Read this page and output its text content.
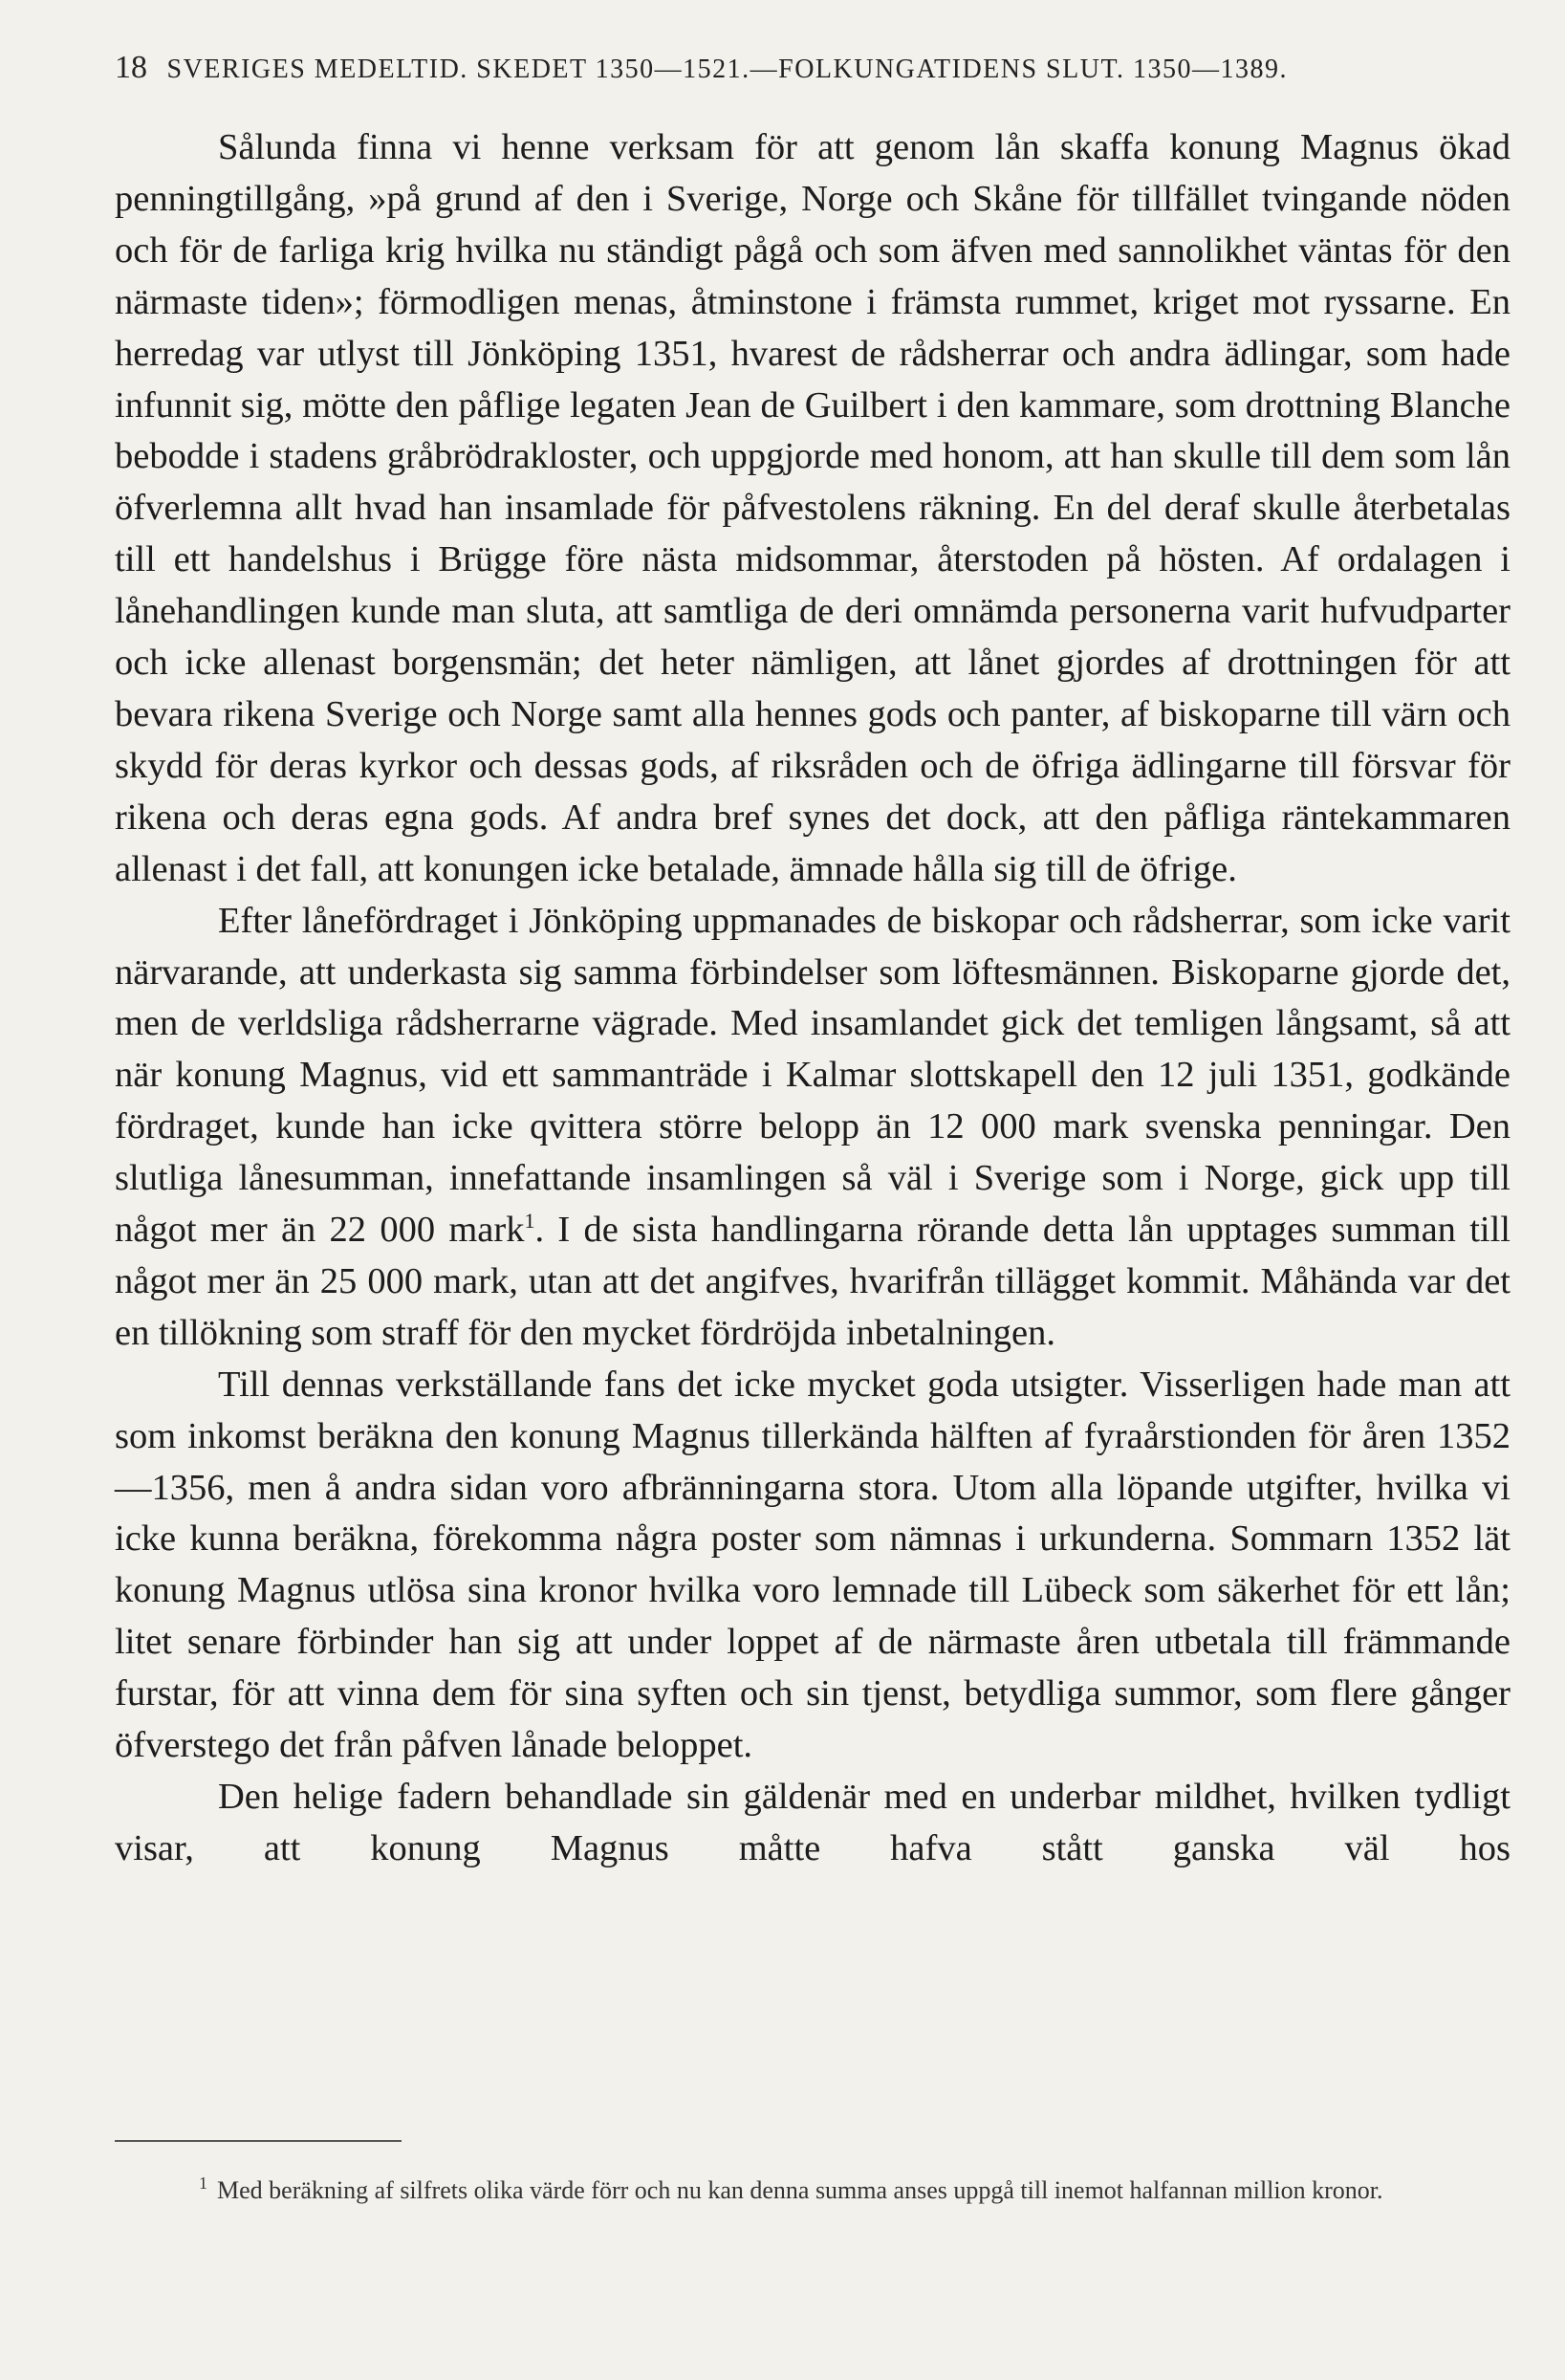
18 SVERIGES MEDELTID. SKEDET 1350—1521.—FOLKUNGATIDENS SLUT. 1350—1389.

Sålunda finna vi henne verksam för att genom lån skaffa konung Magnus ökad penningtillgång, »på grund af den i Sverige, Norge och Skåne för tillfället tvingande nöden och för de farliga krig hvilka nu ständigt pågå och som äfven med sannolikhet väntas för den närmaste tiden»; förmodligen menas, åtminstone i främsta rummet, kriget mot ryssarne. En herredag var utlyst till Jönköping 1351, hvarest de rådsherrar och andra ädlingar, som hade infunnit sig, mötte den påflige legaten Jean de Guilbert i den kammare, som drottning Blanche bebodde i stadens gråbrödrakloster, och uppgjorde med honom, att han skulle till dem som lån öfverlemna allt hvad han insamlade för påfvestolens räkning. En del deraf skulle återbetalas till ett handelshus i Brügge före nästa midsommar, återstoden på hösten. Af ordalagen i lånehandlingen kunde man sluta, att samtliga de deri omnämda personerna varit hufvudparter och icke allenast borgensmän; det heter nämligen, att lånet gjordes af drottningen för att bevara rikena Sverige och Norge samt alla hennes gods och panter, af biskoparne till värn och skydd för deras kyrkor och dessas gods, af riksråden och de öfriga ädlingarne till försvar för rikena och deras egna gods. Af andra bref synes det dock, att den påfliga räntekammaren allenast i det fall, att konungen icke betalade, ämnade hålla sig till de öfrige.

Efter lånefördraget i Jönköping uppmanades de biskopar och rådsherrar, som icke varit närvarande, att underkasta sig samma förbindelser som löftesmännen. Biskoparne gjorde det, men de verldsliga rådsherrarne vägrade. Med insamlandet gick det temligen långsamt, så att när konung Magnus, vid ett sammanträde i Kalmar slottskapell den 12 juli 1351, godkände fördraget, kunde han icke qvittera större belopp än 12 000 mark svenska penningar. Den slutliga lånesumman, innefattande insamlingen så väl i Sverige som i Norge, gick upp till något mer än 22 000 mark$^1$. I de sista handlingarna rörande detta lån upptages summan till något mer än 25 000 mark, utan att det angifves, hvarifrån tillägget kommit. Måhända var det en tillökning som straff för den mycket fördröjda inbetalningen.

Till dennas verkställande fans det icke mycket goda utsigter. Visserligen hade man att som inkomst beräkna den konung Magnus tillerkända hälften af fyraårstionden för åren 1352—1356, men å andra sidan voro afbränningarna stora. Utom alla löpande utgifter, hvilka vi icke kunna beräkna, förekomma några poster som nämnas i urkunderna. Sommarn 1352 lät konung Magnus utlösa sina kronor hvilka voro lemnade till Lübeck som säkerhet för ett lån; litet senare förbinder han sig att under loppet af de närmaste åren utbetala till främmande furstar, för att vinna dem för sina syften och sin tjenst, betydliga summor, som flere gånger öfverstego det från påfven lånade beloppet.

Den helige fadern behandlade sin gäldenär med en underbar mildhet, hvilken tydligt visar, att konung Magnus måtte hafva stått ganska väl hos

$^1$ Med beräkning af silfrets olika värde förr och nu kan denna summa anses uppgå till inemot halfannan million kronor.
